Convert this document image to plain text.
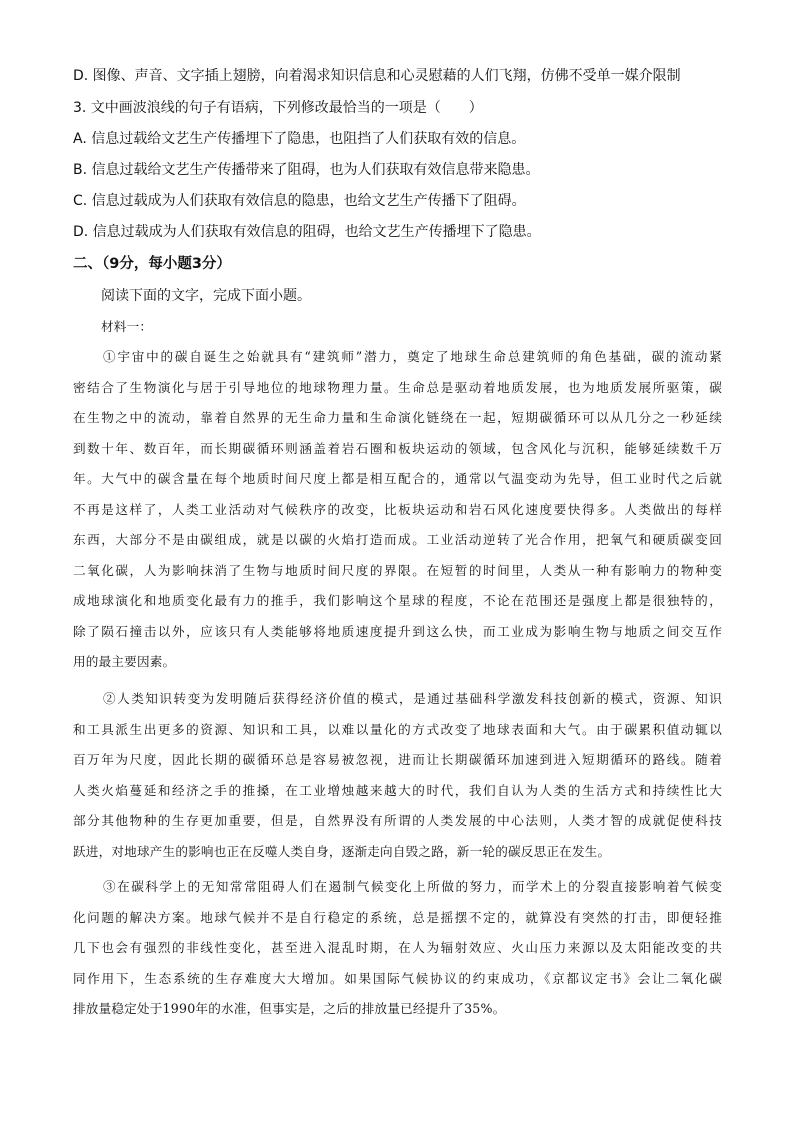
D. 图像、声音、文字插上翅膀，向着渴求知识信息和心灵慰藉的人们飞翔，仿佛不受单一媒介限制
3. 文中画波浪线的句子有语病，下列修改最恰当的一项是（　　）
A. 信息过载给文艺生产传播埋下了隐患，也阻挡了人们获取有效的信息。
B. 信息过载给文艺生产传播带来了阻碍，也为人们获取有效信息带来隐患。
C. 信息过载成为人们获取有效信息的隐患，也给文艺生产传播下了阻碍。
D. 信息过载成为人们获取有效信息的阻碍，也给文艺生产传播埋下了隐患。
二、（9分，每小题3分）
阅读下面的文字，完成下面小题。
材料一：
①宇宙中的碳自诞生之始就具有“建筑师”潜力，奠定了地球生命总建筑师的角色基础，碳的流动紧
密结合了生物演化与居于引导地位的地球物理力量。生命总是驱动着地质发展，也为地质发展所驱策，碳
在生物之中的流动，靠着自然界的无生命力量和生命演化链绕在一起，短期碳循环可以从几分之一秒延续
到数十年、数百年，而长期碳循环则涵盖着岩石圈和板块运动的领域，包含风化与沉积，能够延续数千万
年。大气中的碳含量在每个地质时间尺度上都是相互配合的，通常以气温变动为先导，但工业时代之后就
不再是这样了，人类工业活动对气候秩序的改变，比板块运动和岩石风化速度要快得多。人类做出的每样
东西，大部分不是由碳组成，就是以碳的火焰打造而成。工业活动逆转了光合作用，把氧气和硬质碳变回
二氧化碳，人为影响抹消了生物与地质时间尺度的界限。在短暂的时间里，人类从一种有影响力的物种变
成地球演化和地质变化最有力的推手，我们影响这个星球的程度，不论在范围还是强度上都是很独特的，
除了陨石撞击以外，应该只有人类能够将地质速度提升到这么快，而工业成为影响生物与地质之间交互作
用的最主要因素。
②人类知识转变为发明随后获得经济价值的模式，是通过基础科学激发科技创新的模式，资源、知识
和工具派生出更多的资源、知识和工具，以难以量化的方式改变了地球表面和大气。由于碳累积值动辄以
百万年为尺度，因此长期的碳循环总是容易被忽视，进而让长期碳循环加速到进入短期循环的路线。随着
人类火焰蔓延和经济之手的推搡，在工业增烛越来越大的时代，我们自认为人类的生活方式和持续性比大
部分其他物种的生存更加重要，但是，自然界没有所谓的人类发展的中心法则，人类才智的成就促使科技
跃进，对地球产生的影响也正在反噬人类自身，逐渐走向自毁之路，新一轮的碳反思正在发生。
③在碳科学上的无知常常阻碍人们在遏制气候变化上所做的努力，而学术上的分裂直接影响着气候变
化问题的解决方案。地球气候并不是自行稳定的系统，总是摇摆不定的，就算没有突然的打击，即便轻推
几下也会有强烈的非线性变化，甚至进入混乱时期，在人为辐射效应、火山压力来源以及太阳能改变的共
同作用下，生态系统的生存难度大大增加。如果国际气候协议的约束成功，《京都议定书》会让二氧化碳
排放量稳定处于1990年的水准，但事实是，之后的排放量已经提升了35%。
